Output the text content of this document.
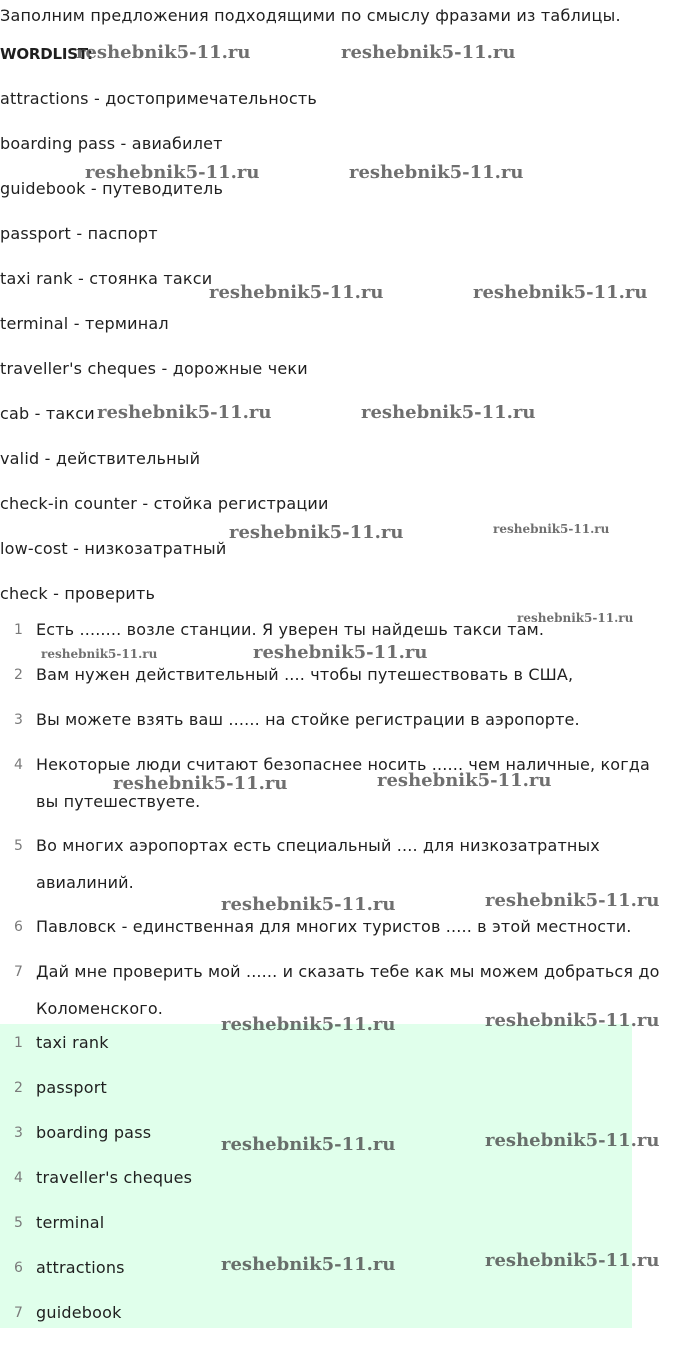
Заполним предложения подходящими по смыслу фразами из таблицы.
WORDLIST:
attractions - достопримечательность
boarding pass - авиабилет
guidebook - путеводитель
passport - паспорт
taxi rank - стоянка такси
terminal - терминал
traveller's cheques - дорожные чеки
cab - такси
valid - действительный
check-in counter - стойка регистрации
low-cost - низкозатратный
check - проверить
1 Есть ........ возле станции. Я уверен ты найдешь такси там.
2 Вам нужен действительный .... чтобы путешествовать в США,
3 Вы можете взять ваш ...... на стойке регистрации в аэропорте.
4 Некоторые люди считают безопаснее носить ...... чем наличные, когда вы путешествуете.
5 Во многих аэропортах есть специальный .... для низкозатратных авиалиний.
6 Павловск - единственная для многих туристов ..... в этой местности.
7 Дай мне проверить мой ...... и сказать тебе как мы можем добраться до Коломенского.
1 taxi rank
2 passport
3 boarding pass
4 traveller's cheques
5 terminal
6 attractions
7 guidebook
reshebnik5-11.ru	reshebnik5-11.ru
reshebnik5-11.ru	reshebnik5-11.ru
reshebnik5-11.ru	reshebnik5-11.ru
reshebnik5-11.ru	reshebnik5-11.ru
reshebnik5-11.ru	reshebnik5-11.ru
reshebnik5-11.ru
reshebnik5-11.ru	reshebnik5-11.ru
reshebnik5-11.ru	reshebnik5-11.ru
reshebnik5-11.ru	reshebnik5-11.ru
reshebnik5-11.ru	reshebnik5-11.ru
reshebnik5-11.ru	reshebnik5-11.ru
reshebnik5-11.ru	reshebnik5-11.ru
